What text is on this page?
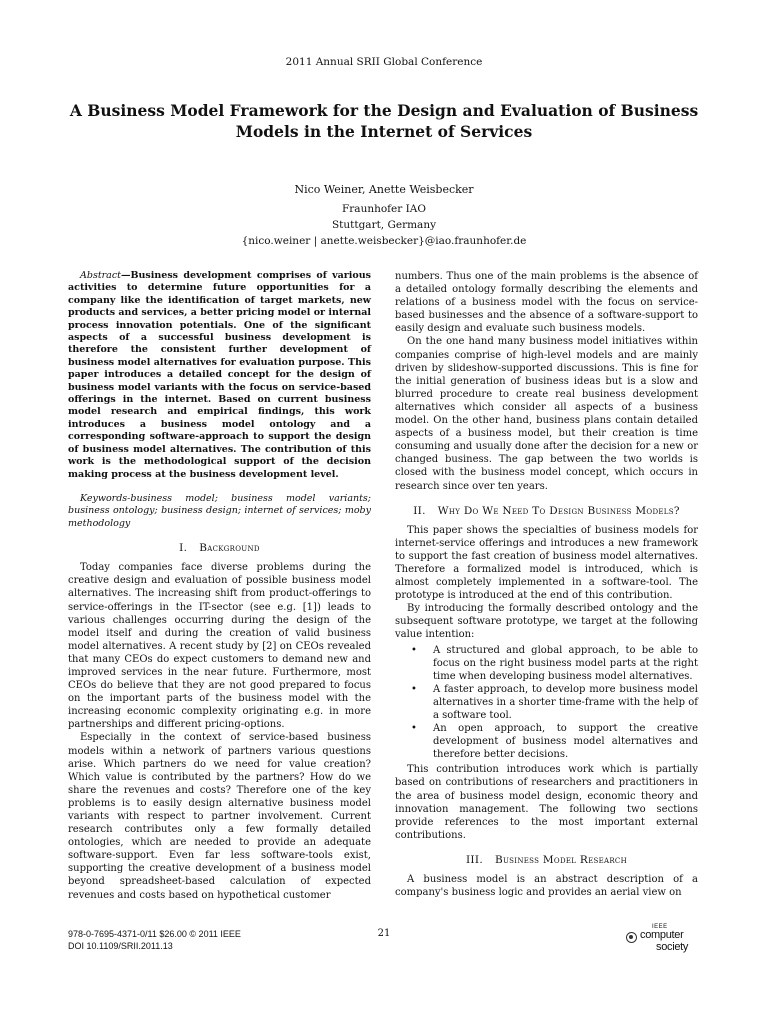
2011 Annual SRII Global Conference
A Business Model Framework for the Design and Evaluation of Business Models in the Internet of Services
Nico Weiner, Anette Weisbecker
Fraunhofer IAO
Stuttgart, Germany
{nico.weiner | anette.weisbecker}@iao.fraunhofer.de

Abstract—Business development comprises of various activities to determine future opportunities for a company like the identification of target markets, new products and services, a better pricing model or internal process innovation potentials. One of the significant aspects of a successful business development is therefore the consistent further development of business model alternatives for evaluation purpose. This paper introduces a detailed concept for the design of business model variants with the focus on service-based offerings in the internet. Based on current business model research and empirical findings, this work introduces a business model ontology and a corresponding software-approach to support the design of business model alternatives. The contribution of this work is the methodological support of the decision making process at the business development level.

Keywords-business model; business model variants; business ontology; business design; internet of services; moby methodology

I. Background

Today companies face diverse problems during the creative design and evaluation of possible business model alternatives. The increasing shift from product-offerings to service-offerings in the IT-sector (see e.g. [1]) leads to various challenges occurring during the design of the model itself and during the creation of valid business model alternatives. A recent study by [2] on CEOs revealed that many CEOs do expect customers to demand new and improved services in the near future. Furthermore, most CEOs do believe that they are not good prepared to focus on the important parts of the business model with the increasing economic complexity originating e.g. in more partnerships and different pricing-options.

Especially in the context of service-based business models within a network of partners various questions arise. Which partners do we need for value creation? Which value is contributed by the partners? How do we share the revenues and costs? Therefore one of the key problems is to easily design alternative business model variants with respect to partner involvement. Current research contributes only a few formally detailed ontologies, which are needed to provide an adequate software-support. Even far less software-tools exist, supporting the creative development of a business model beyond spreadsheet-based calculation of expected revenues and costs based on hypothetical customer

numbers. Thus one of the main problems is the absence of a detailed ontology formally describing the elements and relations of a business model with the focus on service-based businesses and the absence of a software-support to easily design and evaluate such business models.

On the one hand many business model initiatives within companies comprise of high-level models and are mainly driven by slideshow-supported discussions. This is fine for the initial generation of business ideas but is a slow and blurred procedure to create real business development alternatives which consider all aspects of a business model. On the other hand, business plans contain detailed aspects of a business model, but their creation is time consuming and usually done after the decision for a new or changed business. The gap between the two worlds is closed with the business model concept, which occurs in research since over ten years.

II. Why Do We Need To Design Business Models?

This paper shows the specialties of business models for internet-service offerings and introduces a new framework to support the fast creation of business model alternatives. Therefore a formalized model is introduced, which is almost completely implemented in a software-tool. The prototype is introduced at the end of this contribution.

By introducing the formally described ontology and the subsequent software prototype, we target at the following value intention:

• A structured and global approach, to be able to focus on the right business model parts at the right time when developing business model alternatives.
• A faster approach, to develop more business model alternatives in a shorter time-frame with the help of a software tool.
• An open approach, to support the creative development of business model alternatives and therefore better decisions.

This contribution introduces work which is partially based on contributions of researchers and practitioners in the area of business model design, economic theory and innovation management. The following two sections provide references to the most important external contributions.

III. Business Model Research

A business model is an abstract description of a company's business logic and provides an aerial view on

978-0-7695-4371-0/11 $26.00 © 2011 IEEE
DOI 10.1109/SRII.2011.13
21
IEEE
computer
society
